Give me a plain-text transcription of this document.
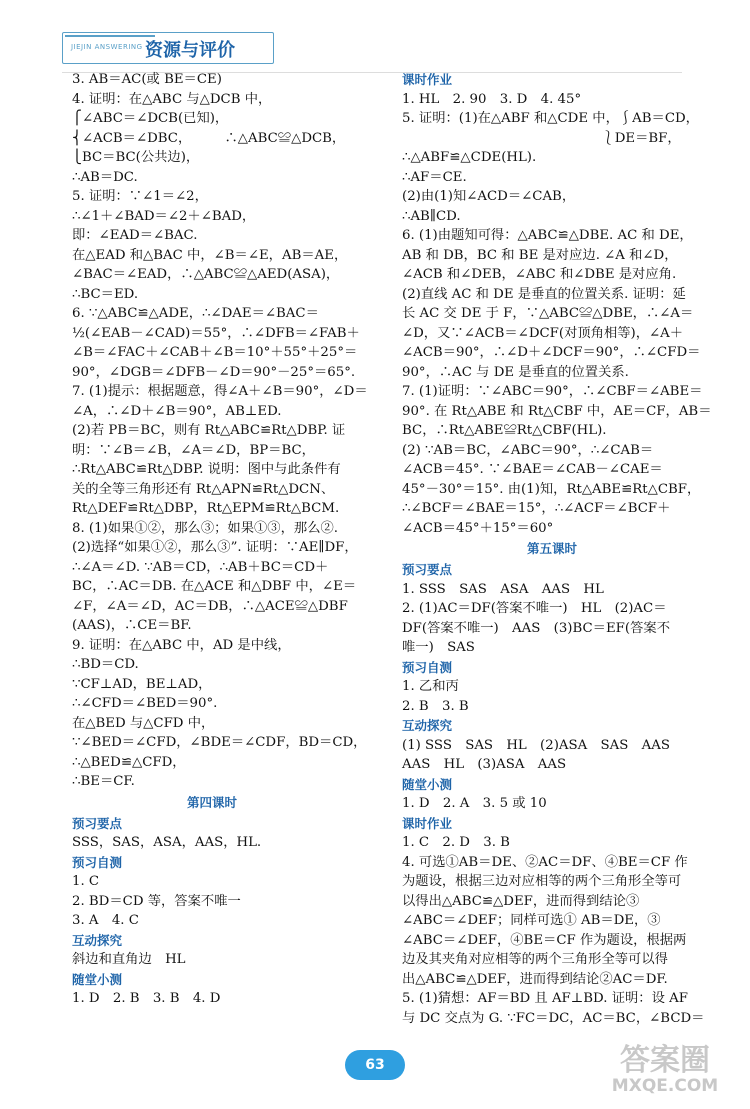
JIEJIN ANSWERING 资源与评价
3. AB＝AC(或 BE＝CE)
4. 证明：在△ABC 与△DCB 中，
⎧∠ABC＝∠DCB(已知)，
⎨∠ACB＝∠DBC，　　　∴△ABC≌△DCB，
⎩BC＝BC(公共边)，
∴AB＝DC.
5. 证明：∵∠1＝∠2，
∴∠1＋∠BAD＝∠2＋∠BAD，
即：∠EAD＝∠BAC.
在△EAD 和△BAC 中，∠B＝∠E，AB＝AE，
∠BAC＝∠EAD，∴△ABC≌△AED(ASA)，
∴BC＝ED.
6. ∵△ABC≌△ADE，∴∠DAE＝∠BAC＝
½(∠EAB－∠CAD)＝55°，∴∠DFB＝∠FAB＋
∠B＝∠FAC＋∠CAB＋∠B＝10°＋55°＋25°＝
90°，∠DGB＝∠DFB－∠D＝90°－25°＝65°.
7. (1)提示：根据题意，得∠A＋∠B＝90°，∠D＝
∠A，∴∠D＋∠B＝90°，AB⊥ED.
(2)若 PB＝BC，则有 Rt△ABC≌Rt△DBP. 证
明：∵∠B＝∠B，∠A＝∠D，BP＝BC，
∴Rt△ABC≌Rt△DBP. 说明：图中与此条件有
关的全等三角形还有 Rt△APN≌Rt△DCN、
Rt△DEF≌Rt△DBP，Rt△EPM≌Rt△BCM.
8. (1)如果①②，那么③；如果①③，那么②.
(2)选择“如果①②，那么③”. 证明：∵AE∥DF，
∴∠A＝∠D. ∵AB＝CD，∴AB＋BC＝CD＋
BC，∴AC＝DB. 在△ACE 和△DBF 中，∠E＝
∠F，∠A＝∠D，AC＝DB，∴△ACE≌△DBF
(AAS)，∴CE＝BF.
9. 证明：在△ABC 中，AD 是中线，
∴BD＝CD.
∵CF⊥AD，BE⊥AD，
∴∠CFD＝∠BED＝90°.
在△BED 与△CFD 中，
∵∠BED＝∠CFD，∠BDE＝∠CDF，BD＝CD，
∴△BED≌△CFD，
∴BE＝CF.
第四课时
预习要点
SSS，SAS，ASA，AAS，HL.
预习自测
1. C
2. BD＝CD 等，答案不唯一
3. A　4. C
互动探究
斜边和直角边　HL
随堂小测
1. D　2. B　3. B　4. D
课时作业
1. HL　2. 90　3. D　4. 45°
5. 证明：(1)在△ABF 和△CDE 中，⎰AB＝CD，
　　　　　　　　　　　　　　　⎱DE＝BF，
∴△ABF≌△CDE(HL).
∴AF＝CE.
(2)由(1)知∠ACD＝∠CAB，
∴AB∥CD.
6. (1)由题知可得：△ABC≌△DBE. AC 和 DE，
AB 和 DB，BC 和 BE 是对应边. ∠A 和∠D，
∠ACB 和∠DEB，∠ABC 和∠DBE 是对应角.
(2)直线 AC 和 DE 是垂直的位置关系. 证明：延
长 AC 交 DE 于 F，∵△ABC≌△DBE，∴∠A＝
∠D，又∵∠ACB＝∠DCF(对顶角相等)，∠A＋
∠ACB＝90°，∴∠D＋∠DCF＝90°，∴∠CFD＝
90°，∴AC 与 DE 是垂直的位置关系.
7. (1)证明：∵∠ABC＝90°，∴∠CBF＝∠ABE＝
90°. 在 Rt△ABE 和 Rt△CBF 中，AE＝CF，AB＝
BC，∴Rt△ABE≌Rt△CBF(HL).
(2) ∵AB＝BC，∠ABC＝90°，∴∠CAB＝
∠ACB＝45°. ∵∠BAE＝∠CAB－∠CAE＝
45°－30°＝15°. 由(1)知，Rt△ABE≌Rt△CBF，
∴∠BCF＝∠BAE＝15°，∴∠ACF＝∠BCF＋
∠ACB＝45°＋15°＝60°
第五课时
预习要点
1. SSS　SAS　ASA　AAS　HL
2. (1)AC＝DF(答案不唯一)　HL　(2)AC＝
DF(答案不唯一)　AAS　(3)BC＝EF(答案不
唯一)　SAS
预习自测
1. 乙和丙
2. B　3. B
互动探究
(1) SSS　SAS　HL　(2)ASA　SAS　AAS
AAS　HL　(3)ASA　AAS
随堂小测
1. D　2. A　3. 5 或 10
课时作业
1. C　2. D　3. B
4. 可选①AB＝DE、②AC＝DF、④BE＝CF 作
为题设，根据三边对应相等的两个三角形全等可
以得出△ABC≌△DEF，进而得到结论③
∠ABC＝∠DEF；同样可选① AB＝DE，③
∠ABC＝∠DEF，④BE＝CF 作为题设，根据两
边及其夹角对应相等的两个三角形全等可以得
出△ABC≌△DEF，进而得到结论②AC＝DF.
5. (1)猜想：AF＝BD 且 AF⊥BD. 证明：设 AF
与 DC 交点为 G. ∵FC＝DC，AC＝BC，∠BCD＝
63	答案圈
MXQE.COM
